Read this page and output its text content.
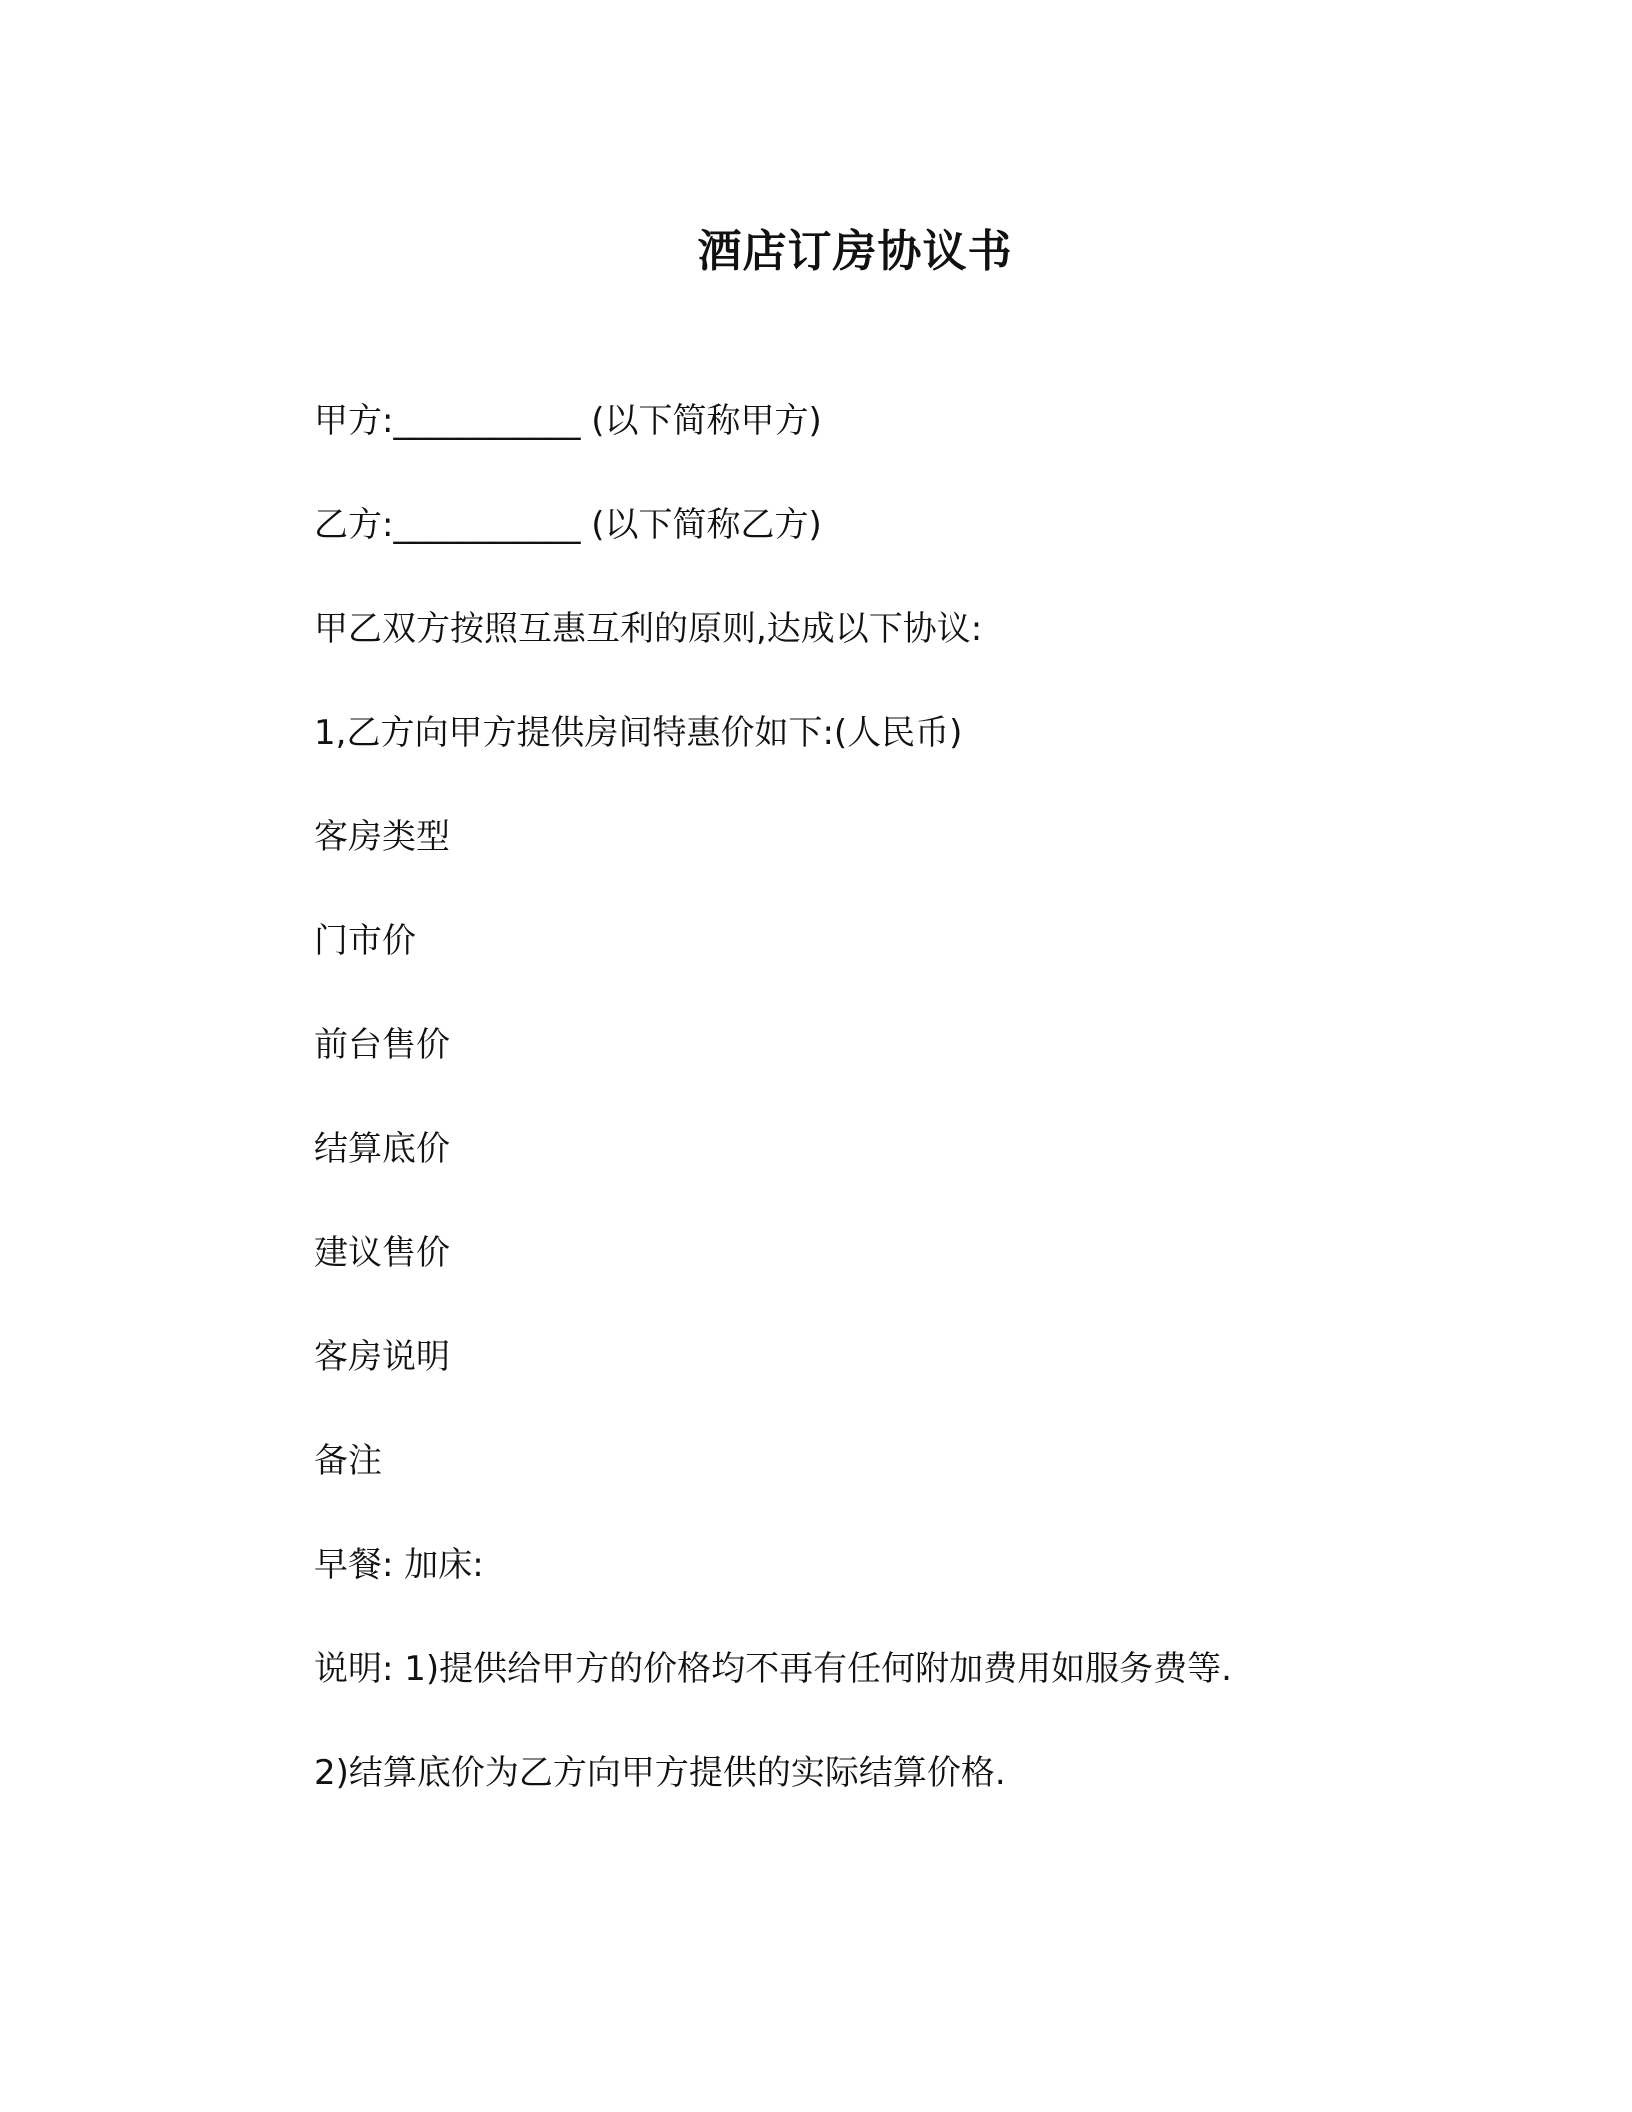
酒店订房协议书
甲方:___________ (以下简称甲方)
乙方:___________ (以下简称乙方)
甲乙双方按照互惠互利的原则,达成以下协议:
1,乙方向甲方提供房间特惠价如下:(人民币)
客房类型
门市价
前台售价
结算底价
建议售价
客房说明
备注
早餐: 加床:
说明: 1)提供给甲方的价格均不再有任何附加费用如服务费等.
2)结算底价为乙方向甲方提供的实际结算价格.
